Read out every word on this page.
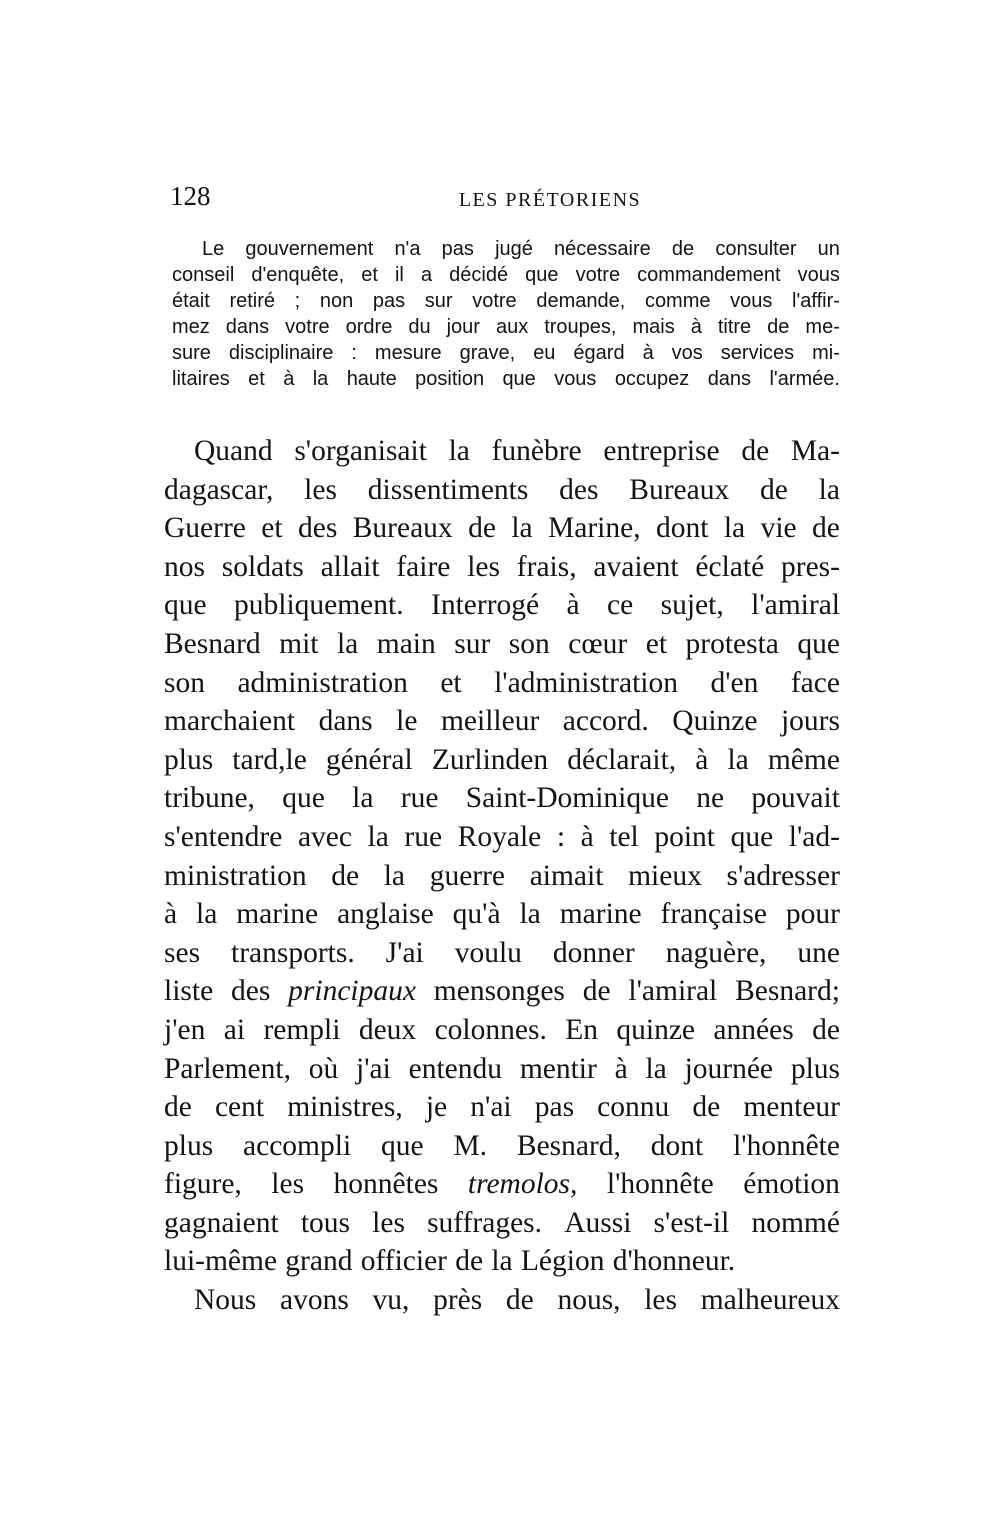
128	LES PRÉTORIENS
Le gouvernement n'a pas jugé nécessaire de consulter un
conseil d'enquête, et il a décidé que votre commandement vous
était retiré ; non pas sur votre demande, comme vous l'affir-
mez dans votre ordre du jour aux troupes, mais à titre de me-
sure disciplinaire : mesure grave, eu égard à vos services mi-
litaires et à la haute position que vous occupez dans l'armée.
Quand s'organisait la funèbre entreprise de Ma-
dagascar, les dissentiments des Bureaux de la
Guerre et des Bureaux de la Marine, dont la vie de
nos soldats allait faire les frais, avaient éclaté pres-
que publiquement. Interrogé à ce sujet, l'amiral
Besnard mit la main sur son cœur et protesta que
son administration et l'administration d'en face
marchaient dans le meilleur accord. Quinze jours
plus tard,le général Zurlinden déclarait, à la même
tribune, que la rue Saint-Dominique ne pouvait
s'entendre avec la rue Royale : à tel point que l'ad-
ministration de la guerre aimait mieux s'adresser
à la marine anglaise qu'à la marine française pour
ses transports. J'ai voulu donner naguère, une
liste des principaux mensonges de l'amiral Besnard;
j'en ai rempli deux colonnes. En quinze années de
Parlement, où j'ai entendu mentir à la journée plus
de cent ministres, je n'ai pas connu de menteur
plus accompli que M. Besnard, dont l'honnête
figure, les honnêtes tremolos, l'honnête émotion
gagnaient tous les suffrages. Aussi s'est-il nommé
lui-même grand officier de la Légion d'honneur.
Nous avons vu, près de nous, les malheureux
